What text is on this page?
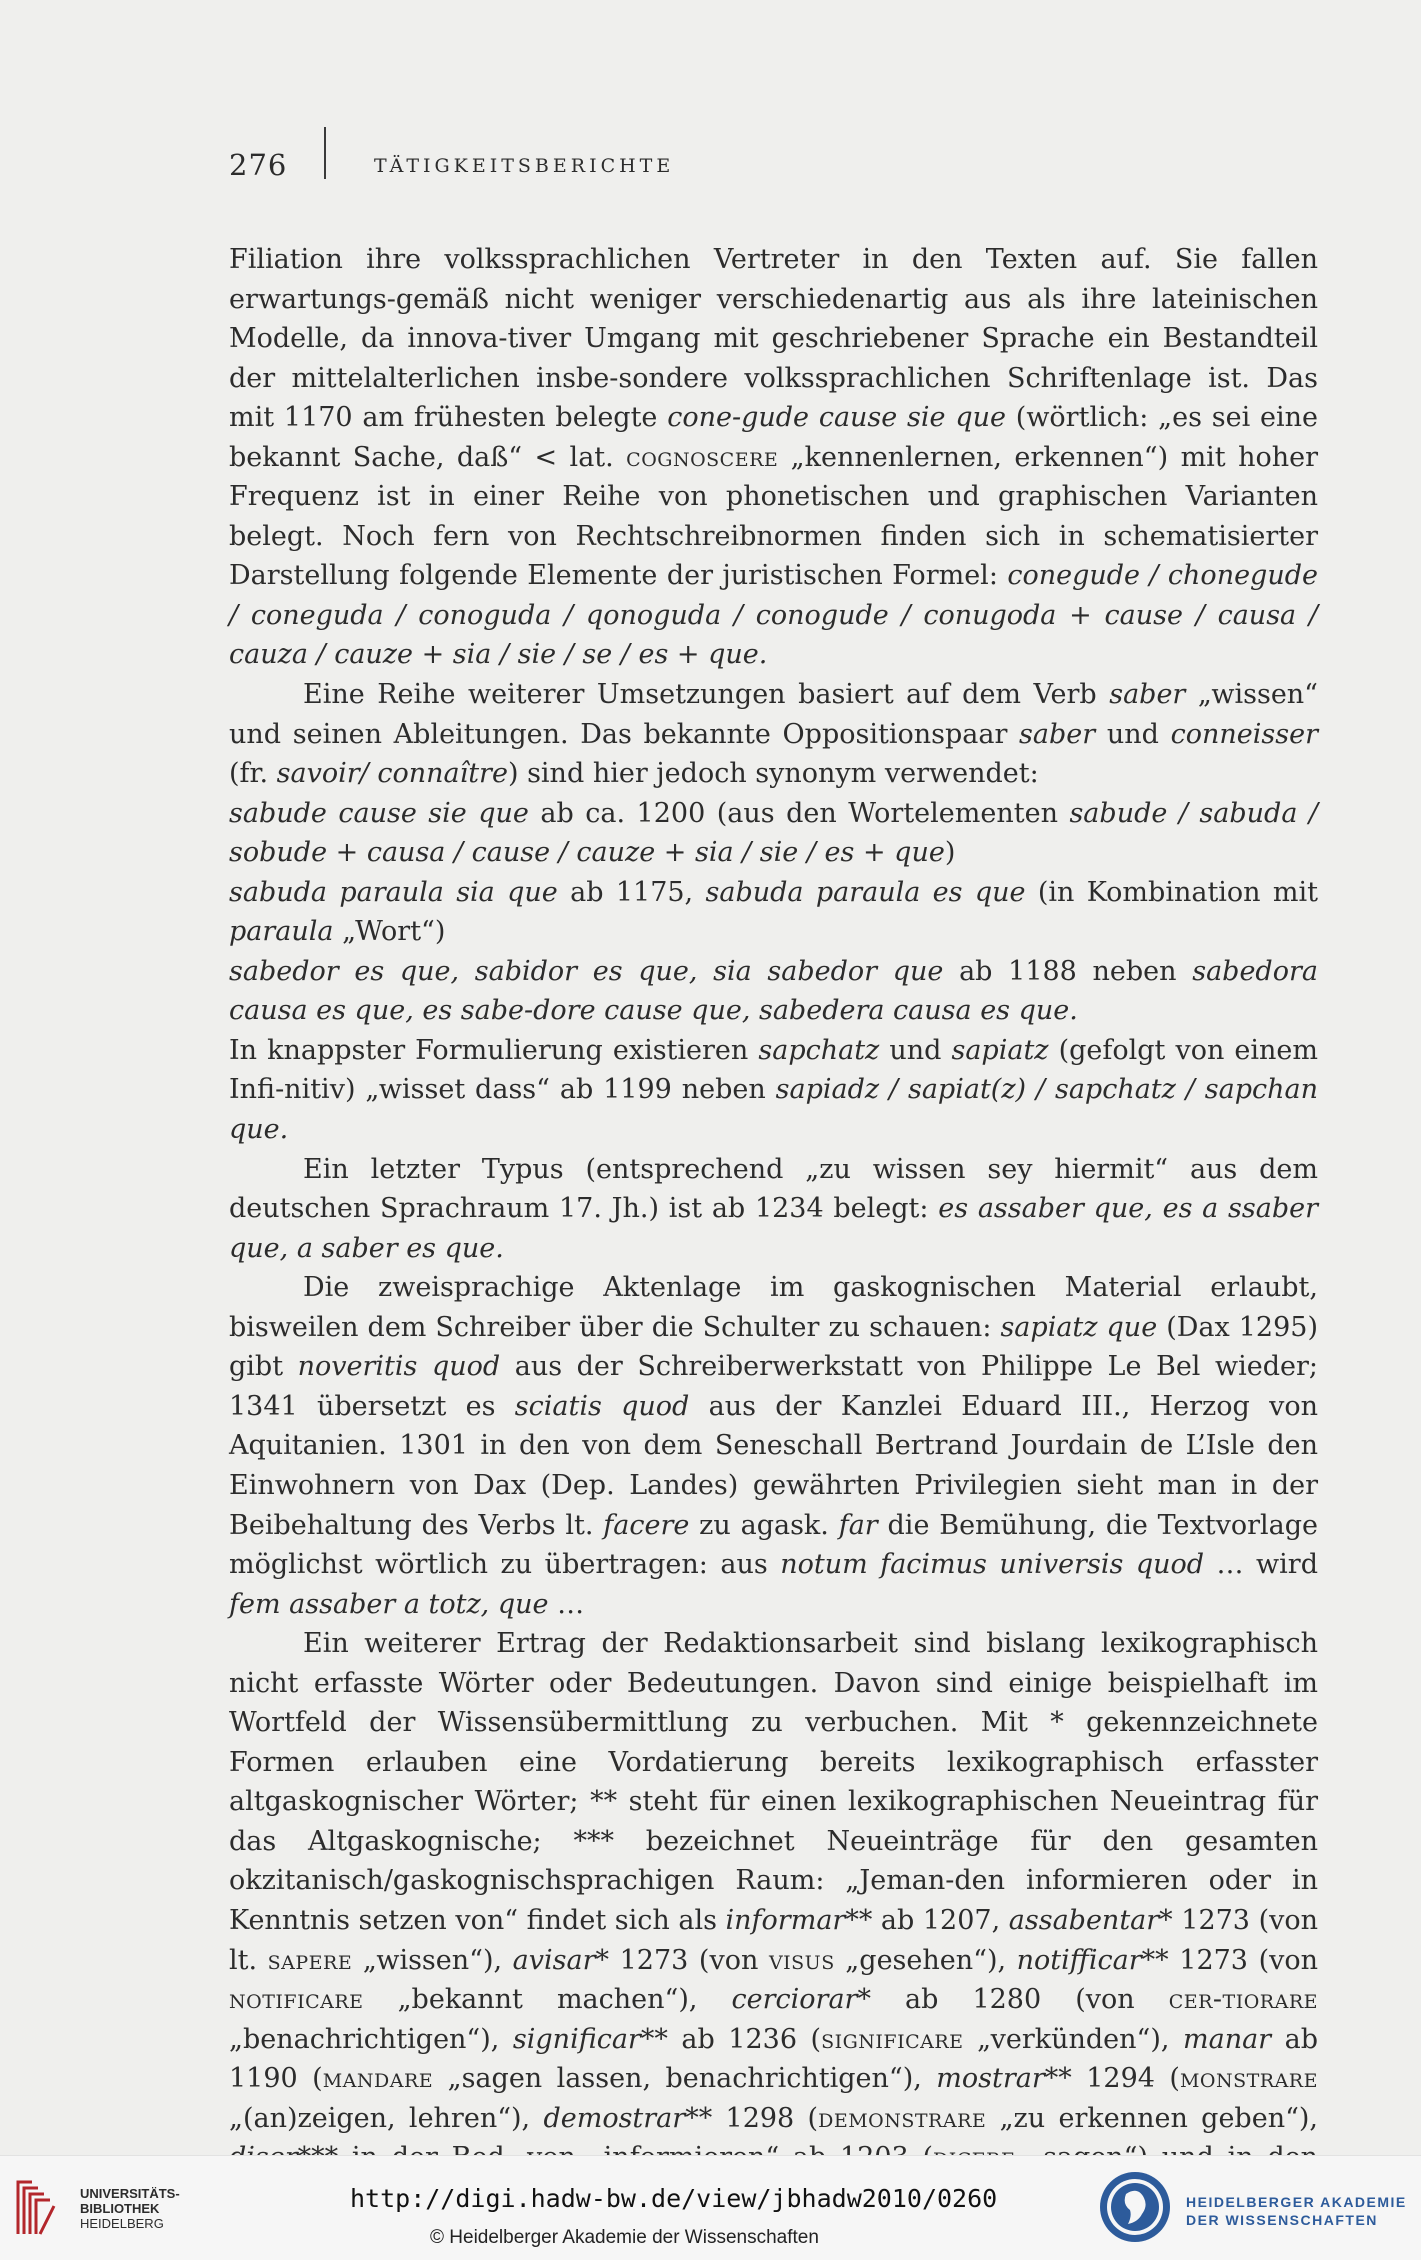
276	TÄTIGKEITSBERICHTE

Filiation ihre volkssprachlichen Vertreter in den Texten auf. Sie fallen erwartungs-gemäß nicht weniger verschiedenartig aus als ihre lateinischen Modelle, da innova-tiver Umgang mit geschriebener Sprache ein Bestandteil der mittelalterlichen insbe-sondere volkssprachlichen Schriftenlage ist. Das mit 1170 am frühesten belegte cone-gude cause sie que (wörtlich: „es sei eine bekannt Sache, daß“ < lat. cognoscere „kennenlernen, erkennen“) mit hoher Frequenz ist in einer Reihe von phonetischen und graphischen Varianten belegt. Noch fern von Rechtschreibnormen finden sich in schematisierter Darstellung folgende Elemente der juristischen Formel: conegude / chonegude / coneguda / conoguda / qonoguda / conogude / conugoda + cause / causa / cauza / cauze + sia / sie / se / es + que.

Eine Reihe weiterer Umsetzungen basiert auf dem Verb saber „wissen“ und seinen Ableitungen. Das bekannte Oppositionspaar saber und conneisser (fr. savoir/ connaître) sind hier jedoch synonym verwendet:

sabude cause sie que ab ca. 1200 (aus den Wortelementen sabude / sabuda / sobude + causa / cause / cauze + sia / sie / es + que)

sabuda paraula sia que ab 1175, sabuda paraula es que (in Kombination mit paraula „Wort“)

sabedor es que, sabidor es que, sia sabedor que ab 1188 neben sabedora causa es que, es sabe-dore cause que, sabedera causa es que.

In knappster Formulierung existieren sapchatz und sapiatz (gefolgt von einem Infi-nitiv) „wisset dass“ ab 1199 neben sapiadz / sapiat(z) / sapchatz / sapchan que.

Ein letzter Typus (entsprechend „zu wissen sey hiermit“ aus dem deutschen Sprachraum 17. Jh.) ist ab 1234 belegt: es assaber que, es a ssaber que, a saber es que.

Die zweisprachige Aktenlage im gaskognischen Material erlaubt, bisweilen dem Schreiber über die Schulter zu schauen: sapiatz que (Dax 1295) gibt noveritis quod aus der Schreiberwerkstatt von Philippe Le Bel wieder; 1341 übersetzt es sciatis quod aus der Kanzlei Eduard III., Herzog von Aquitanien. 1301 in den von dem Seneschall Bertrand Jourdain de L’Isle den Einwohnern von Dax (Dep. Landes) gewährten Privilegien sieht man in der Beibehaltung des Verbs lt. facere zu agask. far die Bemühung, die Textvorlage möglichst wörtlich zu übertragen: aus notum facimus universis quod … wird fem assaber a totz, que …

Ein weiterer Ertrag der Redaktionsarbeit sind bislang lexikographisch nicht erfasste Wörter oder Bedeutungen. Davon sind einige beispielhaft im Wortfeld der Wissensübermittlung zu verbuchen. Mit * gekennzeichnete Formen erlauben eine Vordatierung bereits lexikographisch erfasster altgaskognischer Wörter; ** steht für einen lexikographischen Neueintrag für das Altgaskognische; *** bezeichnet Neueinträge für den gesamten okzitanisch/gaskognischsprachigen Raum: „Jeman-den informieren oder in Kenntnis setzen von“ findet sich als informar** ab 1207, assabentar* 1273 (von lt. sapere „wissen“), avisar* 1273 (von visus „gesehen“), notifficar** 1273 (von notificare „bekannt machen“), cerciorar* ab 1280 (von cer-tiorare „benachrichtigen“), significar** ab 1236 (significare „verkünden“), manar ab 1190 (mandare „sagen lassen, benachrichtigen“), mostrar** 1294 (monstrare „(an)zeigen, lehren“), demostrar** 1298 (demonstrare „zu erkennen geben“),

UNIVERSITÄTS-
BIBLIOTHEK
HEIDELBERG
http://digi.hadw-bw.de/view/jbhadw2010/0260
© Heidelberger Akademie der Wissenschaften
HEIDELBERGER AKADEMIE
DER WISSENSCHAFTEN
